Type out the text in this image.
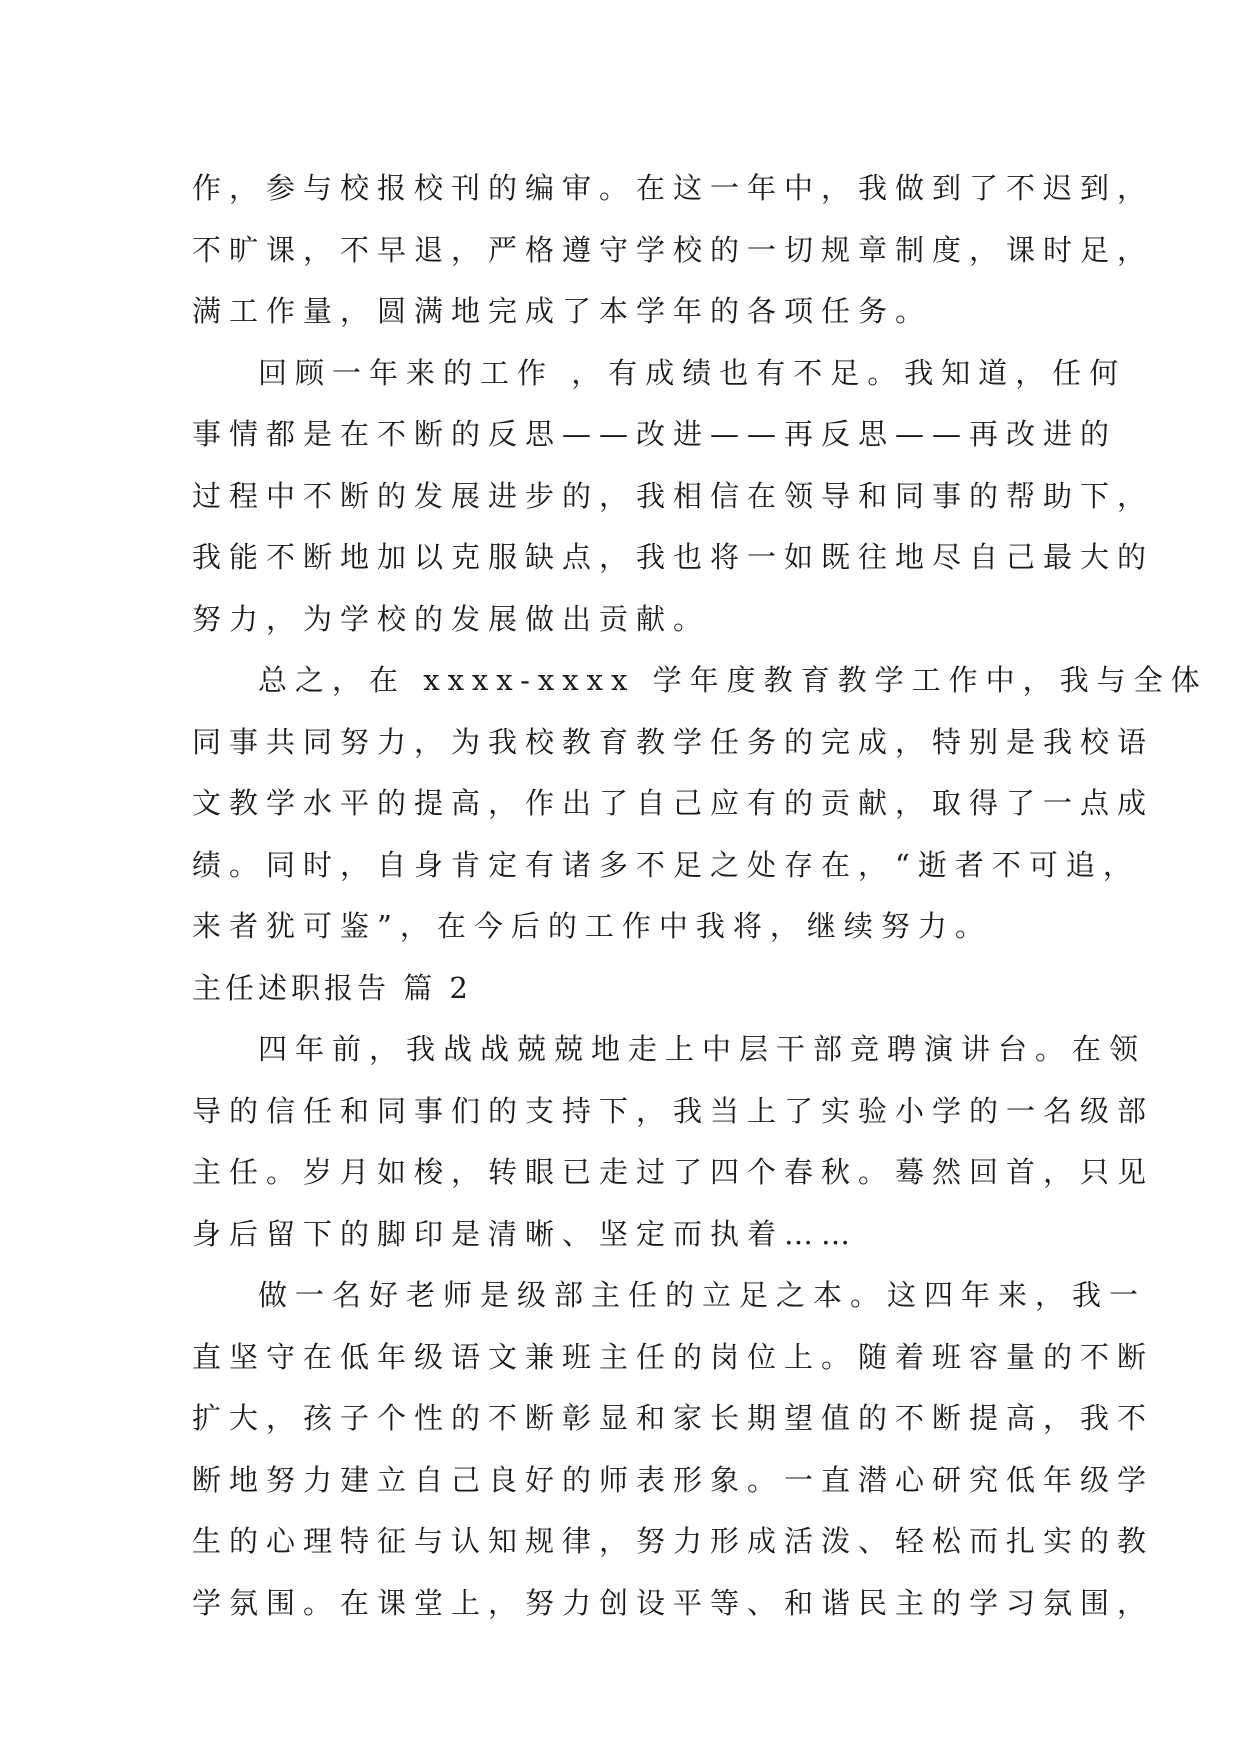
作，参与校报校刊的编审。在这一年中，我做到了不迟到，
不旷课，不早退，严格遵守学校的一切规章制度，课时足，
满工作量，圆满地完成了本学年的各项任务。
回顾一年来的工作 ，有成绩也有不足。我知道，任何
事情都是在不断的反思——改进——再反思——再改进的
过程中不断的发展进步的，我相信在领导和同事的帮助下，
我能不断地加以克服缺点，我也将一如既往地尽自己最大的
努力，为学校的发展做出贡献。
总之，在 xxxx-xxxx 学年度教育教学工作中，我与全体
同事共同努力，为我校教育教学任务的完成，特别是我校语
文教学水平的提高，作出了自己应有的贡献，取得了一点成
绩。同时，自身肯定有诸多不足之处存在，“逝者不可追，
来者犹可鉴”，在今后的工作中我将，继续努力。
主任述职报告 篇 2
四年前，我战战兢兢地走上中层干部竞聘演讲台。在领
导的信任和同事们的支持下，我当上了实验小学的一名级部
主任。岁月如梭，转眼已走过了四个春秋。蓦然回首，只见
身后留下的脚印是清晰、坚定而执着……
做一名好老师是级部主任的立足之本。这四年来，我一
直坚守在低年级语文兼班主任的岗位上。随着班容量的不断
扩大，孩子个性的不断彰显和家长期望值的不断提高，我不
断地努力建立自己良好的师表形象。一直潜心研究低年级学
生的心理特征与认知规律，努力形成活泼、轻松而扎实的教
学氛围。在课堂上，努力创设平等、和谐民主的学习氛围，
